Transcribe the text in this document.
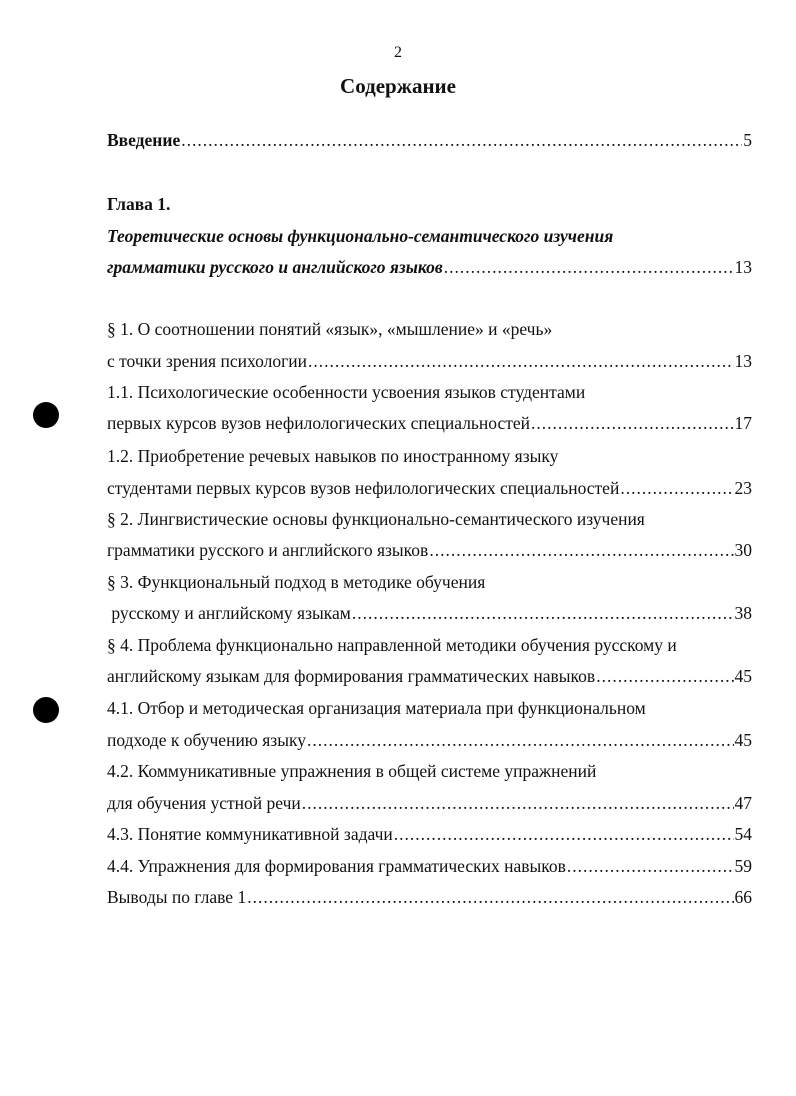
2
Содержание
Введение .....	5
Глава 1.
Теоретические основы функционально-семантического изучения
грамматики русского и английского языков .....	13
§ 1. О соотношении понятий «язык», «мышление» и «речь»
с точки зрения психологии .....	13
1.1. Психологические особенности усвоения языков студентами
первых курсов вузов нефилологических специальностей .....	17
1.2. Приобретение речевых навыков по иностранному языку
студентами первых курсов вузов нефилологических специальностей .....	23
§ 2. Лингвистические основы функционально-семантического изучения
грамматики русского и английского языков .....	30
§ 3. Функциональный подход в методике обучения
русскому и английскому языкам .....	38
§ 4. Проблема функционально направленной методики обучения русскому и
английскому языкам для формирования грамматических навыков .....	45
4.1. Отбор и методическая организация материала при функциональном
подходе к обучению языку .....	45
4.2. Коммуникативные упражнения в общей системе упражнений
для обучения устной речи .....	47
4.3. Понятие коммуникативной задачи .....	54
4.4. Упражнения для формирования грамматических навыков .....	59
Выводы по главе 1 .....	66
